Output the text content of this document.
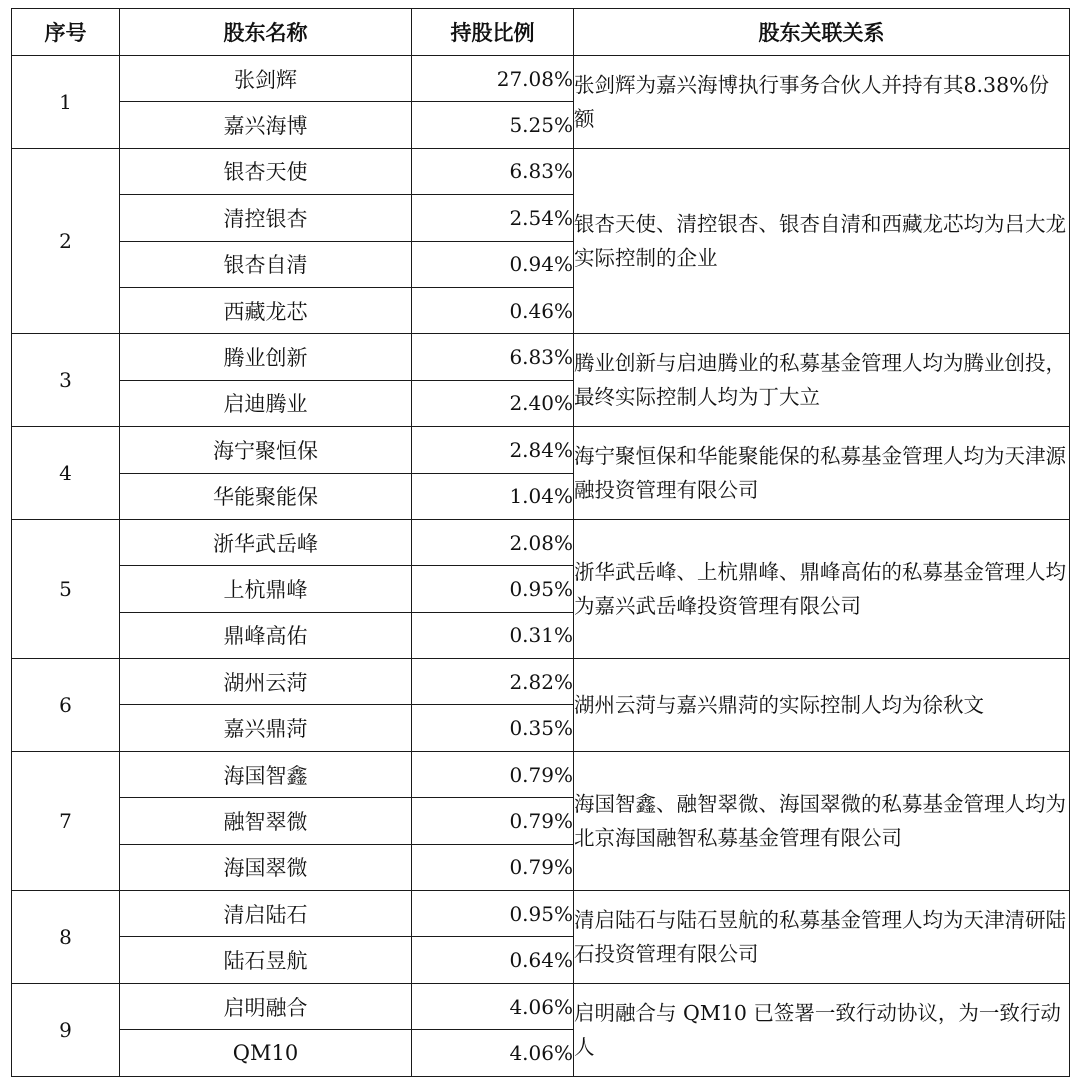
序号	股东名称	持股比例	股东关联关系
1	张剑辉	27.08%	张剑辉为嘉兴海博执行事务合伙人并持有其8.38%份额
	嘉兴海博	5.25%	
2	银杏天使	6.83%	银杏天使、清控银杏、银杏自清和西藏龙芯均为吕大龙实际控制的企业
	清控银杏	2.54%	
	银杏自清	0.94%	
	西藏龙芯	0.46%	
3	腾业创新	6.83%	腾业创新与启迪腾业的私募基金管理人均为腾业创投，最终实际控制人均为丁大立
	启迪腾业	2.40%	
4	海宁聚恒保	2.84%	海宁聚恒保和华能聚能保的私募基金管理人均为天津源融投资管理有限公司
	华能聚能保	1.04%	
5	浙华武岳峰	2.08%	浙华武岳峰、上杭鼎峰、鼎峰高佑的私募基金管理人均为嘉兴武岳峰投资管理有限公司
	上杭鼎峰	0.95%	
	鼎峰高佑	0.31%	
6	湖州云菏	2.82%	湖州云菏与嘉兴鼎菏的实际控制人均为徐秋文
	嘉兴鼎菏	0.35%	
7	海国智鑫	0.79%	海国智鑫、融智翠微、海国翠微的私募基金管理人均为北京海国融智私募基金管理有限公司
	融智翠微	0.79%	
	海国翠微	0.79%	
8	清启陆石	0.95%	清启陆石与陆石昱航的私募基金管理人均为天津清研陆石投资管理有限公司
	陆石昱航	0.64%	
9	启明融合	4.06%	启明融合与 QM10 已签署一致行动协议，为一致行动人
	QM10	4.06%	
